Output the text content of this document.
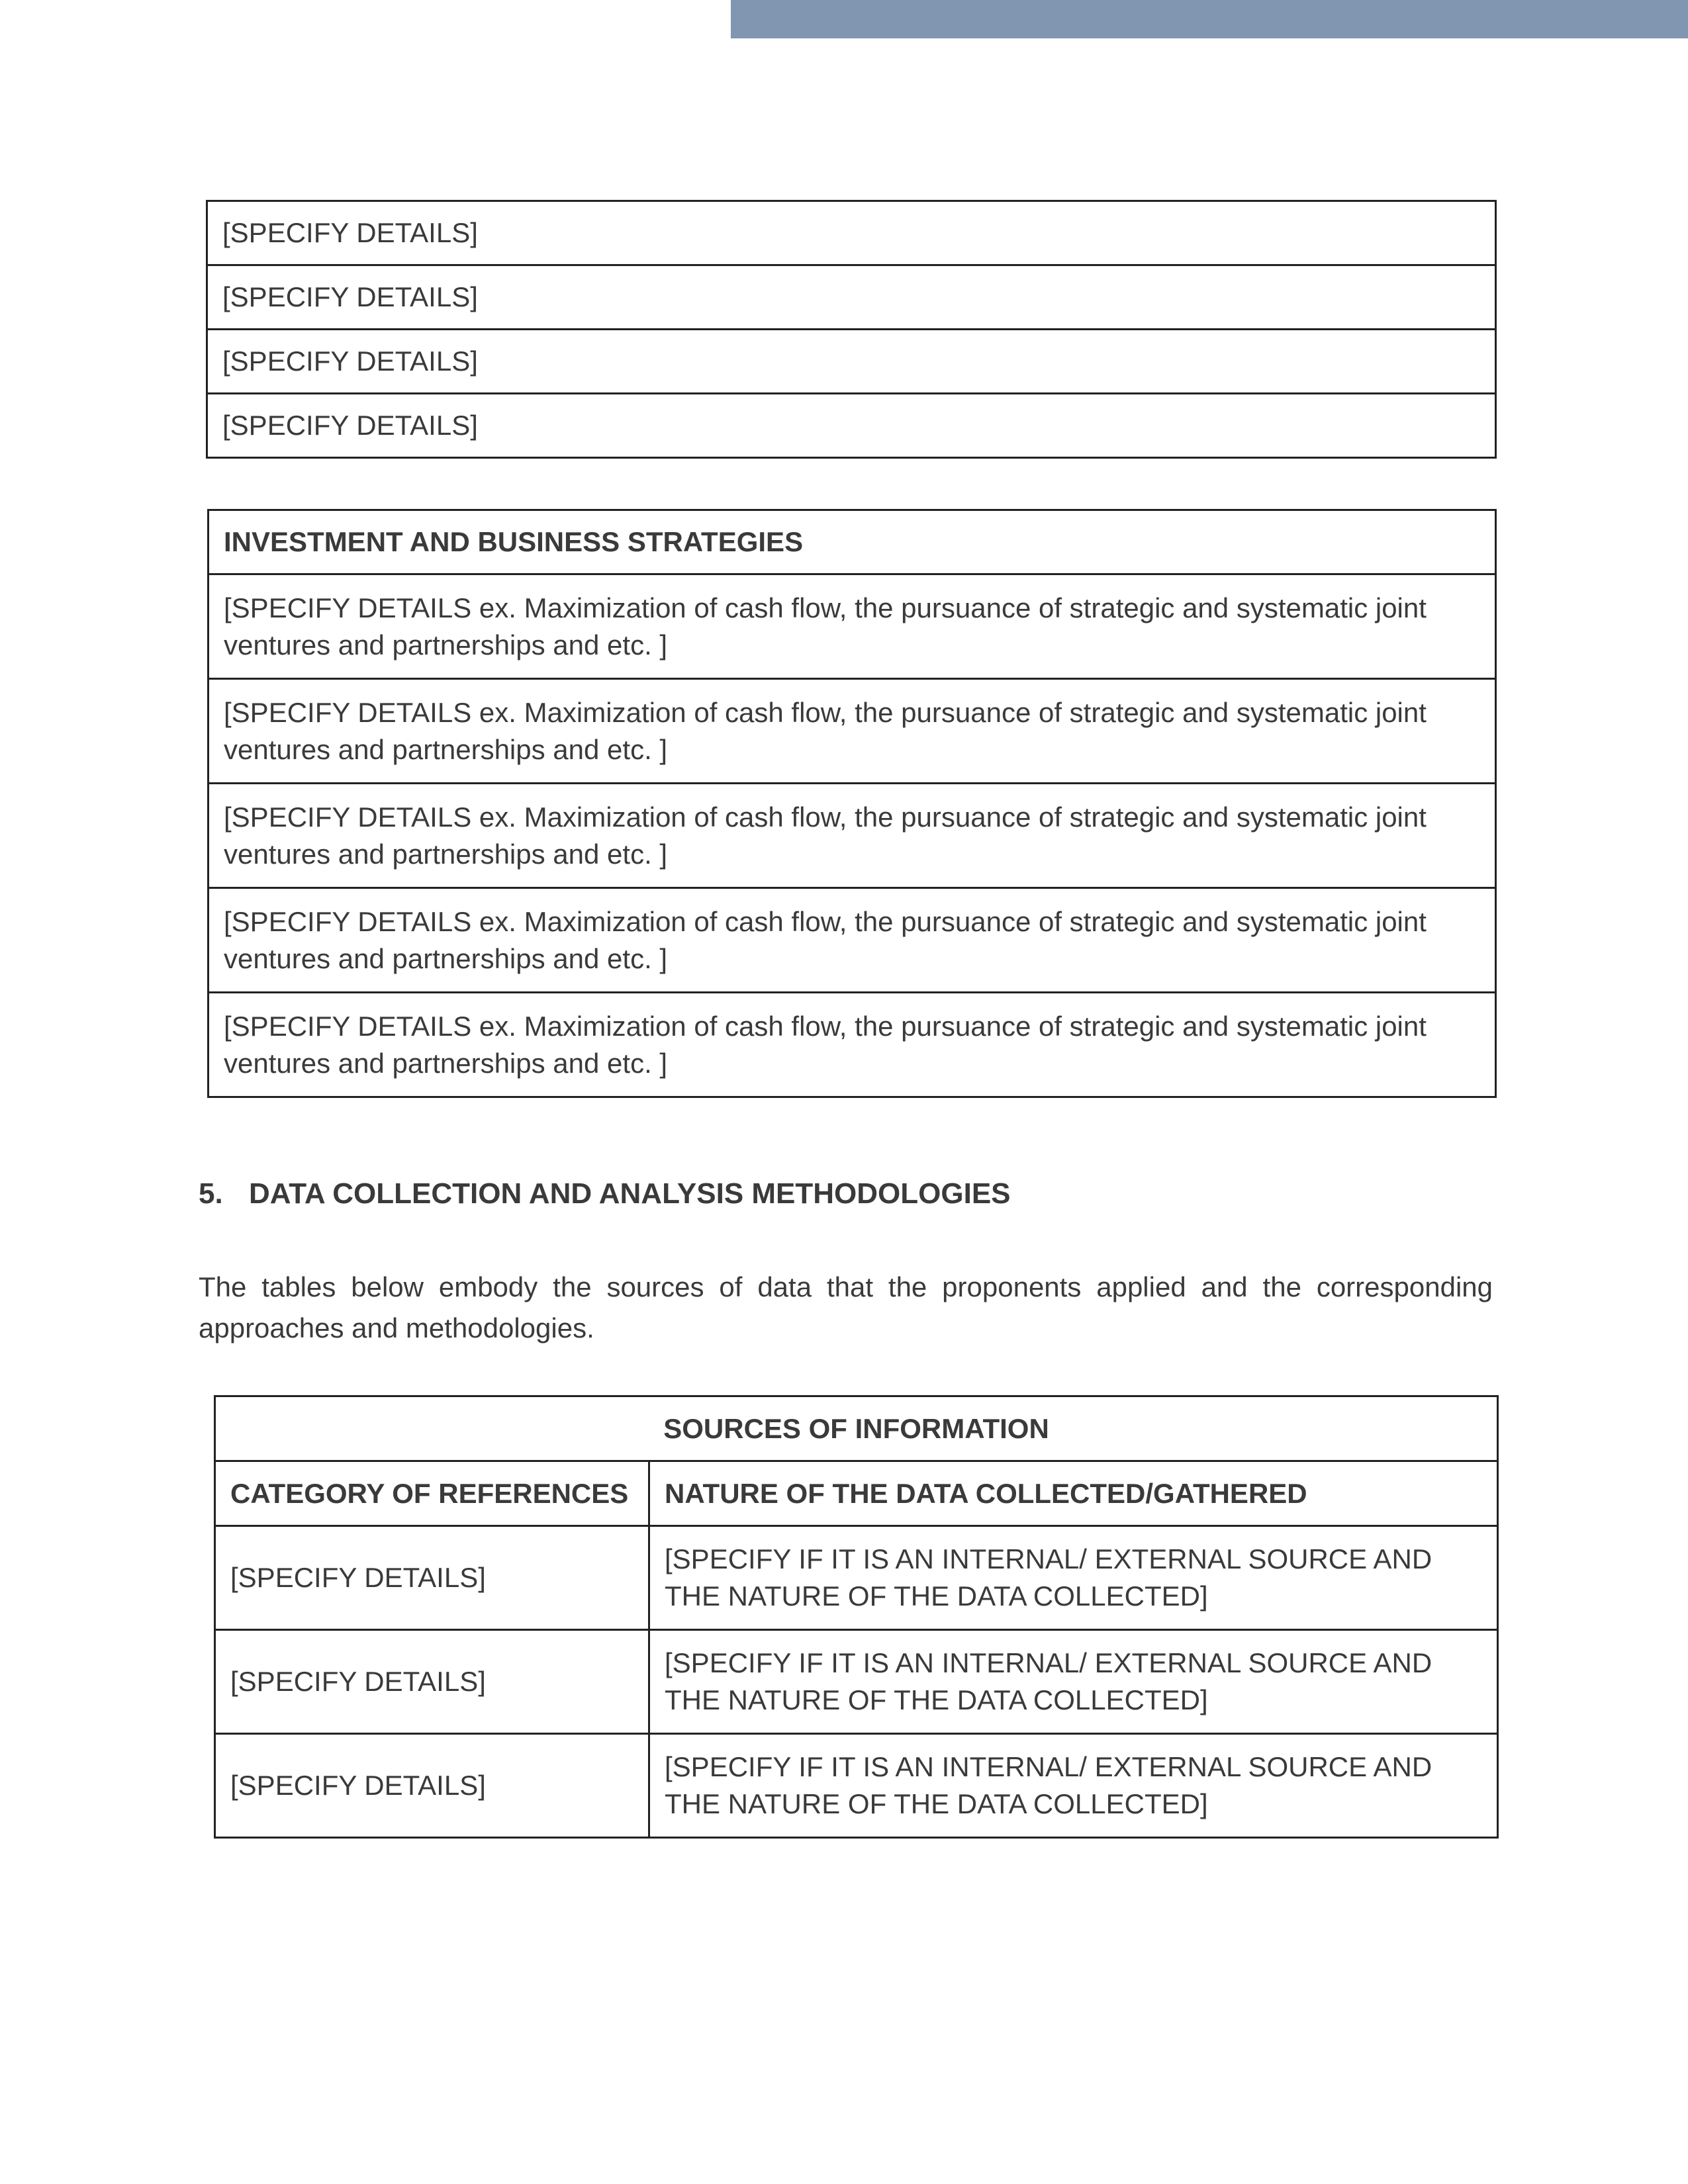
[SPECIFY DETAILS]
[SPECIFY DETAILS]
[SPECIFY DETAILS]
[SPECIFY DETAILS]
INVESTMENT AND BUSINESS STRATEGIES
[SPECIFY DETAILS ex. Maximization of cash flow, the pursuance of strategic and systematic joint ventures and partnerships and etc. ]
[SPECIFY DETAILS ex. Maximization of cash flow, the pursuance of strategic and systematic joint ventures and partnerships and etc. ]
[SPECIFY DETAILS ex. Maximization of cash flow, the pursuance of strategic and systematic joint ventures and partnerships and etc. ]
[SPECIFY DETAILS ex. Maximization of cash flow, the pursuance of strategic and systematic joint ventures and partnerships and etc. ]
[SPECIFY DETAILS ex. Maximization of cash flow, the pursuance of strategic and systematic joint ventures and partnerships and etc. ]
5. DATA COLLECTION AND ANALYSIS METHODOLOGIES
The tables below embody the sources of data that the proponents applied and the corresponding approaches and methodologies.
SOURCES OF INFORMATION	
CATEGORY OF REFERENCES	NATURE OF THE DATA COLLECTED/GATHERED
[SPECIFY DETAILS]	[SPECIFY IF IT IS AN INTERNAL/ EXTERNAL SOURCE AND THE NATURE OF THE DATA COLLECTED]
[SPECIFY DETAILS]	[SPECIFY IF IT IS AN INTERNAL/ EXTERNAL SOURCE AND THE NATURE OF THE DATA COLLECTED]
[SPECIFY DETAILS]	[SPECIFY IF IT IS AN INTERNAL/ EXTERNAL SOURCE AND THE NATURE OF THE DATA COLLECTED]
